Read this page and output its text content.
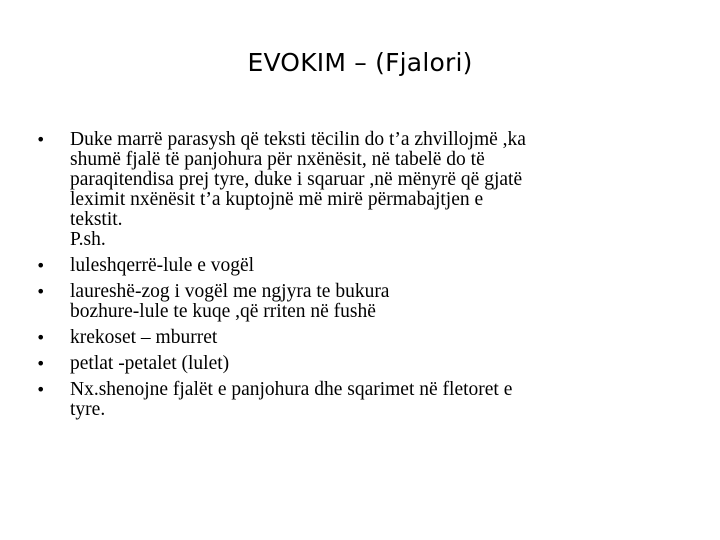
EVOKIM – (Fjalori)
•	Duke marrë parasysh që teksti tëcilin do t’a zhvillojmë ,ka
shumë fjalë të panjohura për nxënësit, në tabelë do të
paraqitendisa prej tyre, duke i sqaruar ,në mënyrë që gjatë
leximit nxënësit t’a kuptojnë më mirë përmabajtjen e
tekstit.
P.sh.
•	luleshqerrë-lule e vogël
•	laureshë-zog i vogël me ngjyra te bukura
bozhure-lule te kuqe ,që rriten në fushë
•	krekoset – mburret
•	petlat -petalet (lulet)
•	Nx.shenojne fjalët e panjohura dhe sqarimet në fletoret e
tyre.
